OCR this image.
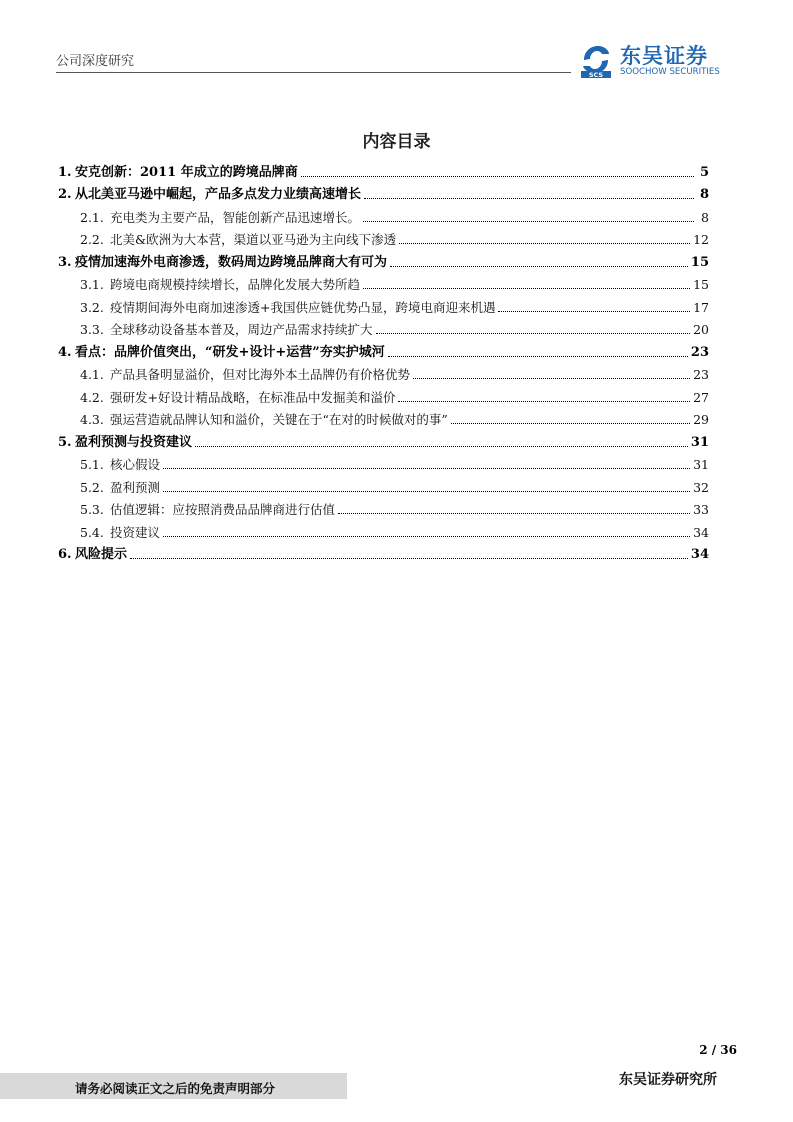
公司深度研究
SCS
东吴证券
SOOCHOW SECURITIES
内容目录
1. 安克创新：2011 年成立的跨境品牌商	5
2. 从北美亚马逊中崛起，产品多点发力业绩高速增长	8
2.1. 充电类为主要产品，智能创新产品迅速增长。	8
2.2. 北美&欧洲为大本营，渠道以亚马逊为主向线下渗透	12
3. 疫情加速海外电商渗透，数码周边跨境品牌商大有可为	15
3.1. 跨境电商规模持续增长，品牌化发展大势所趋	15
3.2. 疫情期间海外电商加速渗透+我国供应链优势凸显，跨境电商迎来机遇	17
3.3. 全球移动设备基本普及，周边产品需求持续扩大	20
4. 看点：品牌价值突出，“研发+设计+运营”夯实护城河	23
4.1. 产品具备明显溢价，但对比海外本土品牌仍有价格优势	23
4.2. 强研发+好设计精品战略，在标准品中发掘美和溢价	27
4.3. 强运营造就品牌认知和溢价，关键在于“在对的时候做对的事”	29
5. 盈利预测与投资建议	31
5.1. 核心假设	31
5.2. 盈利预测	32
5.3. 估值逻辑：应按照消费品品牌商进行估值	33
5.4. 投资建议	34
6. 风险提示	34
2 / 36
请务必阅读正文之后的免责声明部分
东吴证券研究所
